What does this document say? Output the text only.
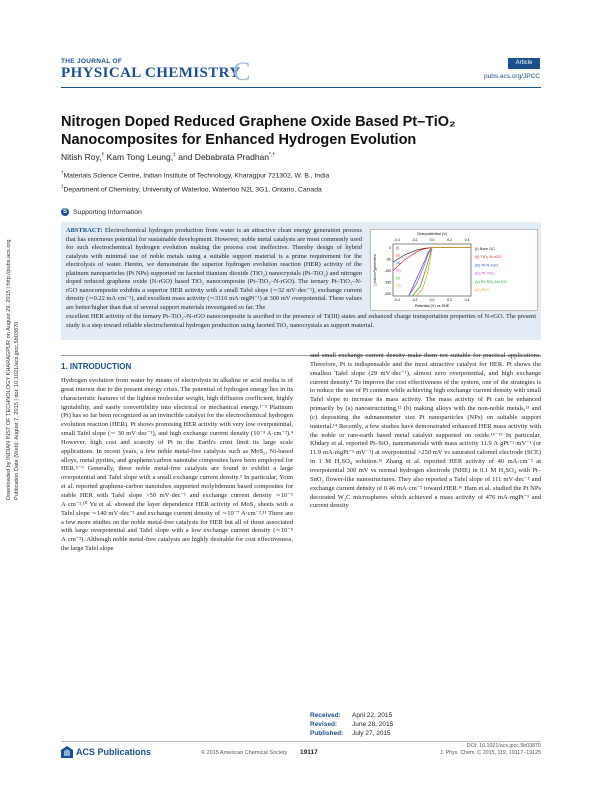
THE JOURNAL OF
PHYSICAL CHEMISTRY
C	Article
pubs.acs.org/JPCC
Downloaded by INDIAN INST OF TECHNOLOGY KHARAGPUR on August 29, 2015 | http://pubs.acs.org Publication Date (Web): August 7, 2015 | doi: 10.1021/acs.jpcc.5b03870
Nitrogen Doped Reduced Graphene Oxide Based Pt–TiO₂
Nanocomposites for Enhanced Hydrogen Evolution
Nitish Roy,† Kam Tong Leung,‡ and Debabrata Pradhan*,†
†Materials Science Centre, Indian Institute of Technology, Kharagpur 721302, W. B., India
‡Department of Chemistry, University of Waterloo, Waterloo N2L 3G1, Ontario, Canada
S Supporting Information
ABSTRACT: Electrochemical hydrogen production from water is an attractive clean energy generation process that has enormous potential for sustainable development. However, noble metal catalysts are most commonly used for such electrochemical hydrogen evolution making the process cost ineffective. Thereby design of hybrid catalysts with minimal use of noble metals using a suitable support material is a prime requirement for the electrolysis of water. Herein, we demonstrate the superior hydrogen evolution reaction (HER) activity of the platinum nanoparticles (Pt NPs) supported on faceted titanium dioxide (TiO₂) nanocrystals (Pt–TiO₂) and nitrogen doped reduced graphene oxide (N-rGO) based TiO₂ nanocomposite (Pt–TiO₂–N-rGO). The ternary Pt–TiO₂–N-rGO nanocomposite exhibits a superior HER activity with a small Tafel slope (∼32 mV·dec⁻¹), exchange current density (∼0.22 mA·cm⁻²), and excellent mass activity (∼3116 mA·mgPt⁻¹) at 300 mV overpotential. These values are better/higher than that of several support materials investigated so far. The
excellent HER activity of the ternary Pt–TiO₂–N-rGO nanocomposite is ascribed to the presence of Ti(III) states and enhanced charge transportation properties of N-rGO. The present study is a step toward reliable electrochemical hydrogen production using faceted TiO₂ nanocrystals as support material.
Overpotential (V)
-0.4	-0.2	0.0	0.2	0.4
-0.4	-0.2	0.0	0.2	0.4
Potential (V) vs.SHE
0
-50
-100
-150
-200
j (mA/cm²)geometric
(i)	(i) Bare GC
(ii)	(ii) TiO₂-N-rGO
(iii)	(iii) Pt-N-rGO
(iv)
(iv) Pt-TiO₂
(v)
(v) Pt-TiO₂-N-rGO
(vi)
(vi) Pt/C
1. INTRODUCTION
Hydrogen evolution from water by means of electrolysis in alkaline or acid media is of great interest due to the present energy crisis. The potential of hydrogen energy lies in its characteristic features of the lightest molecular weight, high diffusion coefficient, highly ignitability, and easily convertibility into electrical or mechanical energy.¹⁻³ Platinum (Pt) has so far been recognized as an invincible catalyst for the electrochemical hydrogen evolution reaction (HER). Pt shows promising HER activity with very low overpotential, small Tafel slope (∼ 30 mV·dec⁻¹), and high exchange current density (10⁻³ A·cm⁻²).⁴ However, high cost and scarcity of Pt in the Earth's crust limit its large scale applications. In recent years, a few noble metal-free catalysts such as MoS₂, Ni-based alloys, metal pyrites, and graphene/carbon nanotube composites have been employed for HER.⁵⁻⁹ Generally, these noble metal-free catalysts are found to exhibit a large overpotential and Tafel slope with a small exchange current density.⁵ In particular, Youn et al. reported graphene-carbon nanotubes supported molybdenum based composites for stable HER with Tafel slope >50 mV·dec⁻¹ and exchange current density ∼10⁻⁵ A·cm⁻².¹⁰ Yu et al. showed the layer dependence HER activity of MoS₂ sheets with a Tafel slope ∼140 mV·dec⁻¹ and exchange current density of ∼10⁻⁷ A·cm⁻².¹¹ There are a few more studies on the noble metal-free catalysts for HER but all of those associated with large overpotential and Tafel slope with a low exchange current density (∼10⁻⁵ A·cm⁻²). Although noble metal-free catalysts are highly desirable for cost effectiveness, the large Tafel slope
and small exchange current density make them not suitable for practical applications. Therefore, Pt is indispensable and the most attractive catalyst for HER. Pt shows the smallest Tafel slope (29 mV·dec⁻¹), almost zero overpotential, and high exchange current density.⁴ To improve the cost effectiveness of the system, one of the strategies is to reduce the use of Pt content while achieving high exchange current density with small Tafel slope to increase its mass activity. The mass activity of Pt can be enhanced primarily by (a) nanostructuring,¹² (b) making alloys with the non-noble metals,¹³ and (c) depositing the subnanometer size Pt nanoparticles (NPs) on suitable support material.¹⁴ Recently, a few studies have demonstrated enhanced HER mass activity with the noble or rare-earth based metal catalyst supported on oxide.¹⁵⁻¹⁹ In particular, Khdary et al. reported Pt–SiO₂ nanomaterials with mass activity 11.9 A·gPt⁻¹·mV⁻¹ (or 11.9 mA·mgPt⁻¹·mV⁻¹) at overpotential >250 mV vs saturated calomel electrode (SCE) in 1 M H₂SO₄ solution.¹⁵ Zhang et al. reported HER activity of 40 mA·cm⁻² at overpotential 300 mV vs normal hydrogen electrode (NHE) in 0.1 M H₂SO₄ with Pt–SnO₂ flower-like nanostructures. They also reported a Tafel slope of 111 mV·dec⁻¹ and exchange current density of 0.46 mA·cm⁻² toward HER.¹⁶ Ham et al. studied the Pt NPs decorated W₂C microspheres which achieved a mass activity of 476 mA·mgPt⁻¹ and current density
Received: April 22, 2015
Revised: June 28, 2015
Published: July 27, 2015
ACS Publications	© 2015 American Chemical Society 19117
DOI: 10.1021/acs.jpcc.5b03870
J. Phys. Chem. C 2015, 119, 19117−19125
